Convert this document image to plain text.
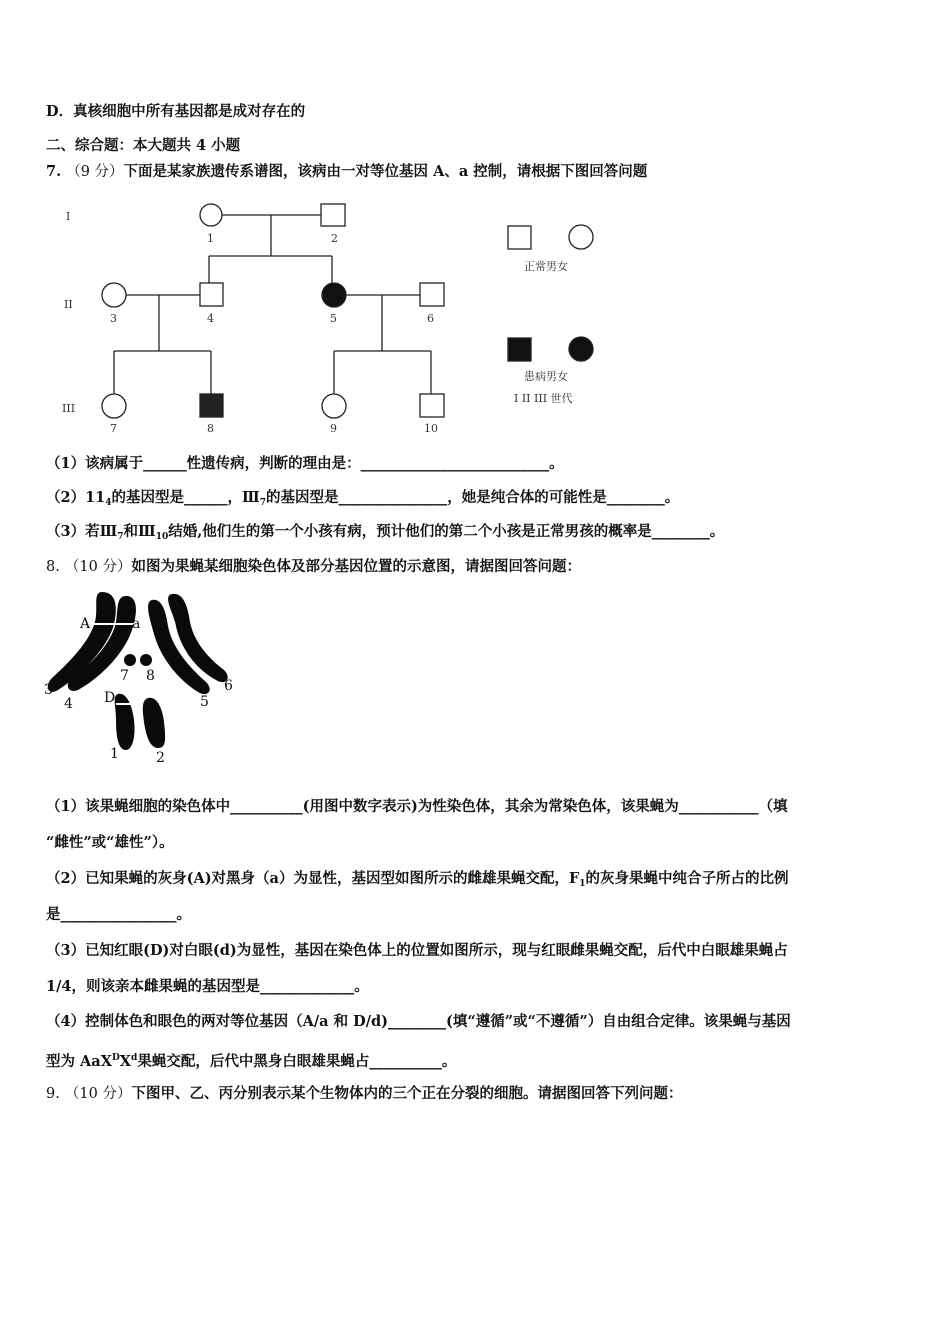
D．真核细胞中所有基因都是成对存在的
二、综合题：本大题共 4 小题
7. （9 分）下面是某家族遗传系谱图，该病由一对等位基因 A、a 控制，请根据下图回答问题
I
II
III
1	2
3	4	5	6
7	8	9	10
正常男女
患病男女
I II III 世代
（1）该病属于______性遗传病，判断的理由是：__________________________。
$(2)11_4$的基因型是______，$Ⅲ_7$的基因型是_______________，她是纯合体的可能性是________。
（3）若$Ⅲ_7$和$Ⅲ_{10}$结婚,他们生的第一个小孩有病，预计他们的第二个小孩是正常男孩的概率是________。
8. （10 分）如图为果蝇某细胞染色体及部分基因位置的示意图，请据图回答问题：
A	a
3
4
7 8
D	5
6
1	2
（1）该果蝇细胞的染色体中__________(用图中数字表示)为性染色体，其余为常染色体，该果蝇为___________（填
“雌性”或“雄性”）。
（2）已知果蝇的灰身(A)对黑身（a）为显性，基因型如图所示的雌雄果蝇交配，$F_1$的灰身果蝇中纯合子所占的比例
是________________。
（3）已知红眼(D)对白眼(d)为显性，基因在染色体上的位置如图所示，现与红眼雌果蝇交配，后代中白眼雄果蝇占
1/4，则该亲本雌果蝇的基因型是_____________。
（4）控制体色和眼色的两对等位基因（A/a 和 D/d)________(填“遵循”或“不遵循”）自由组合定律。该果蝇与基因
型为 $AaX^DX^d$果蝇交配，后代中黑身白眼雄果蝇占__________。
9. （10 分）下图甲、乙、丙分别表示某个生物体内的三个正在分裂的细胞。请据图回答下列问题：
